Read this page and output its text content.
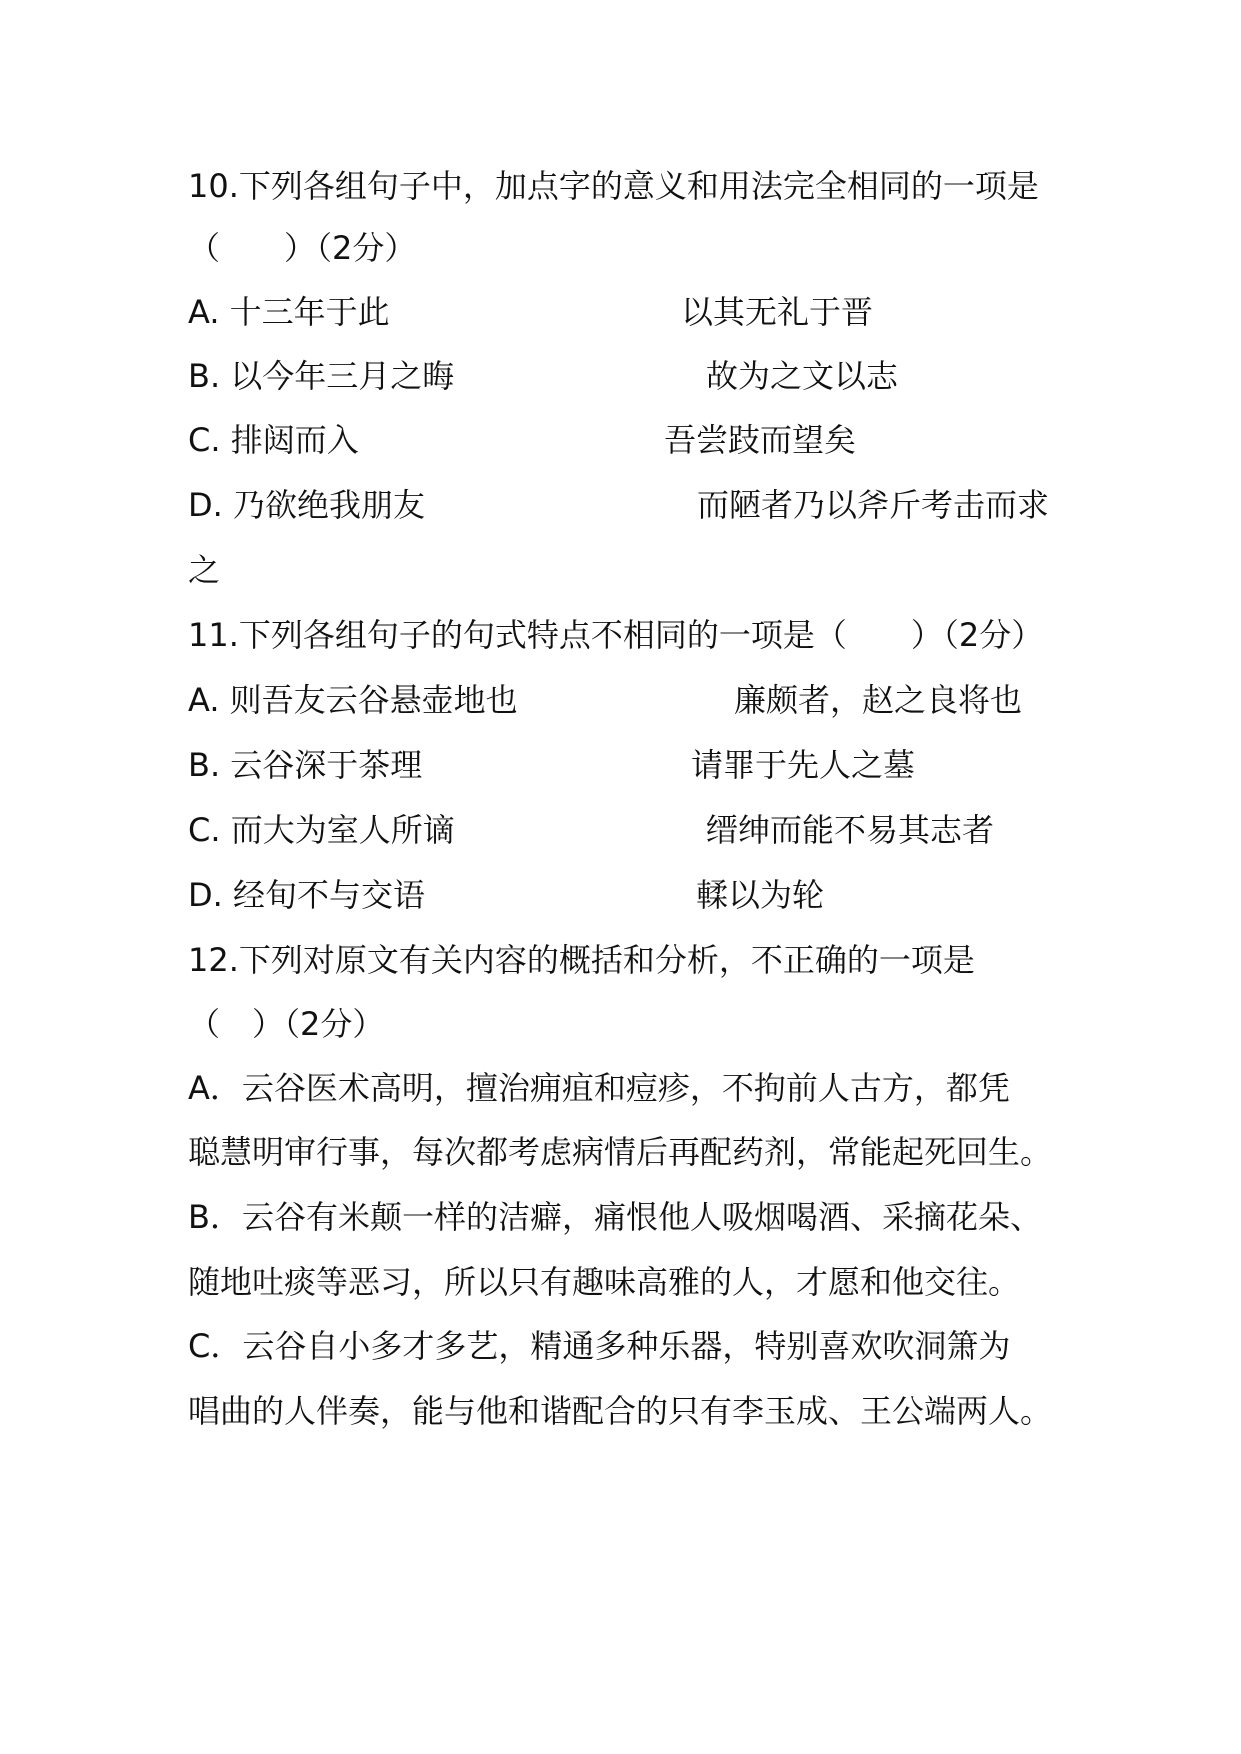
10.下列各组句子中，加点字的意义和用法完全相同的一项是
（　　）（2分）
A. 十三年于此	以其无礼于晋
B. 以今年三月之晦	故为之文以志
C. 排闼而入	吾尝跂而望矣
D. 乃欲绝我朋友	而陋者乃以斧斤考击而求
之
11.下列各组句子的句式特点不相同的一项是（　　）（2分）
A. 则吾友云谷悬壶地也	廉颇者，赵之良将也
B. 云谷深于茶理	请罪于先人之墓
C. 而大为室人所谪	缙绅而能不易其志者
D. 经旬不与交语	輮以为轮
12.下列对原文有关内容的概括和分析，不正确的一项是
（　）（2分）
A．云谷医术高明，擅治痈疽和痘疹，不拘前人古方，都凭
聪慧明审行事，每次都考虑病情后再配药剂，常能起死回生。
B．云谷有米颠一样的洁癖，痛恨他人吸烟喝酒、采摘花朵、
随地吐痰等恶习，所以只有趣味高雅的人，才愿和他交往。
C．云谷自小多才多艺，精通多种乐器，特别喜欢吹洞箫为
唱曲的人伴奏，能与他和谐配合的只有李玉成、王公端两人。
